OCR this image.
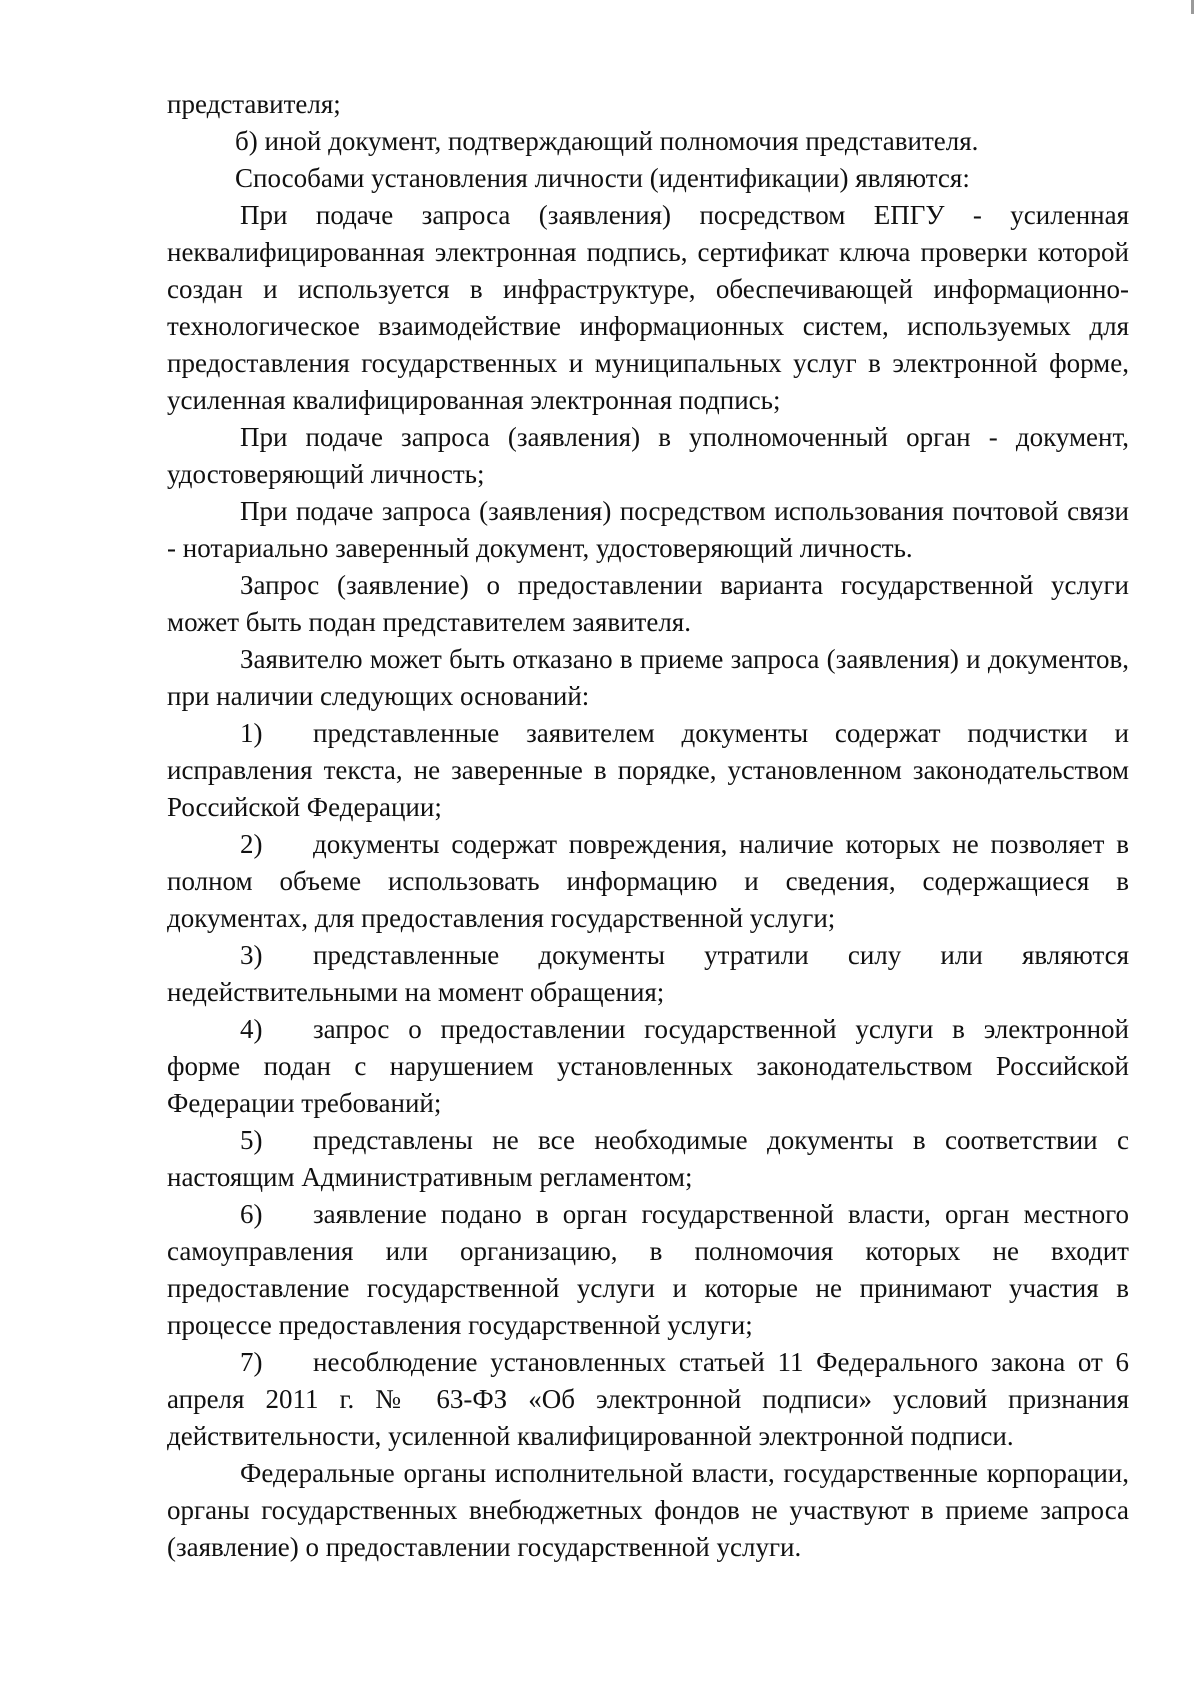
представителя;

б) иной документ, подтверждающий полномочия представителя.

Способами установления личности (идентификации) являются:

При подаче запроса (заявления) посредством ЕПГУ - усиленная неквалифицированная электронная подпись, сертификат ключа проверки которой создан и используется в инфраструктуре, обеспечивающей информационно-технологическое взаимодействие информационных систем, используемых для предоставления государственных и муниципальных услуг в электронной форме, усиленная квалифицированная электронная подпись;

При подаче запроса (заявления) в уполномоченный орган - документ, удостоверяющий личность;

При подаче запроса (заявления) посредством использования почтовой связи - нотариально заверенный документ, удостоверяющий личность.

Запрос (заявление) о предоставлении варианта государственной услуги может быть подан представителем заявителя.

Заявителю может быть отказано в приеме запроса (заявления) и документов, при наличии следующих оснований:

1) представленные заявителем документы содержат подчистки и исправления текста, не заверенные в порядке, установленном законодательством Российской Федерации;

2) документы содержат повреждения, наличие которых не позволяет в полном объеме использовать информацию и сведения, содержащиеся в документах, для предоставления государственной услуги;

3) представленные документы утратили силу или являются недействительными на момент обращения;

4) запрос о предоставлении государственной услуги в электронной форме подан с нарушением установленных законодательством Российской Федерации требований;

5) представлены не все необходимые документы в соответствии с настоящим Административным регламентом;

6) заявление подано в орган государственной власти, орган местного самоуправления или организацию, в полномочия которых не входит предоставление государственной услуги и которые не принимают участия в процессе предоставления государственной услуги;

7) несоблюдение установленных статьей 11 Федерального закона от 6 апреля 2011 г. № 63-ФЗ «Об электронной подписи» условий признания действительности, усиленной квалифицированной электронной подписи.

Федеральные органы исполнительной власти, государственные корпорации, органы государственных внебюджетных фондов не участвуют в приеме запроса (заявление) о предоставлении государственной услуги.
